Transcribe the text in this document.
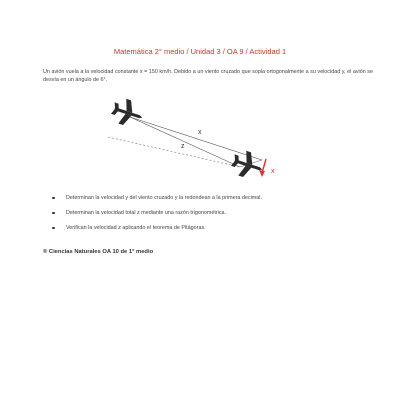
Matemática 2° medio / Unidad 3 / OA 9 / Actividad 1
Un avión vuela a la velocidad constante x = 150 km/h. Debido a un viento cruzado que sopla ortogonalmente a su velocidad y, el avión se desvía en un ángulo de 6°.
x
z
x
Determinan la velocidad y del viento cruzado y la redondean a la primera decimal.
Determinan la velocidad total z mediante una razón trigonométrica.
Verifican la velocidad z aplicando el teorema de Pitágoras.
® Ciencias Naturales OA 10 de 1° medio
